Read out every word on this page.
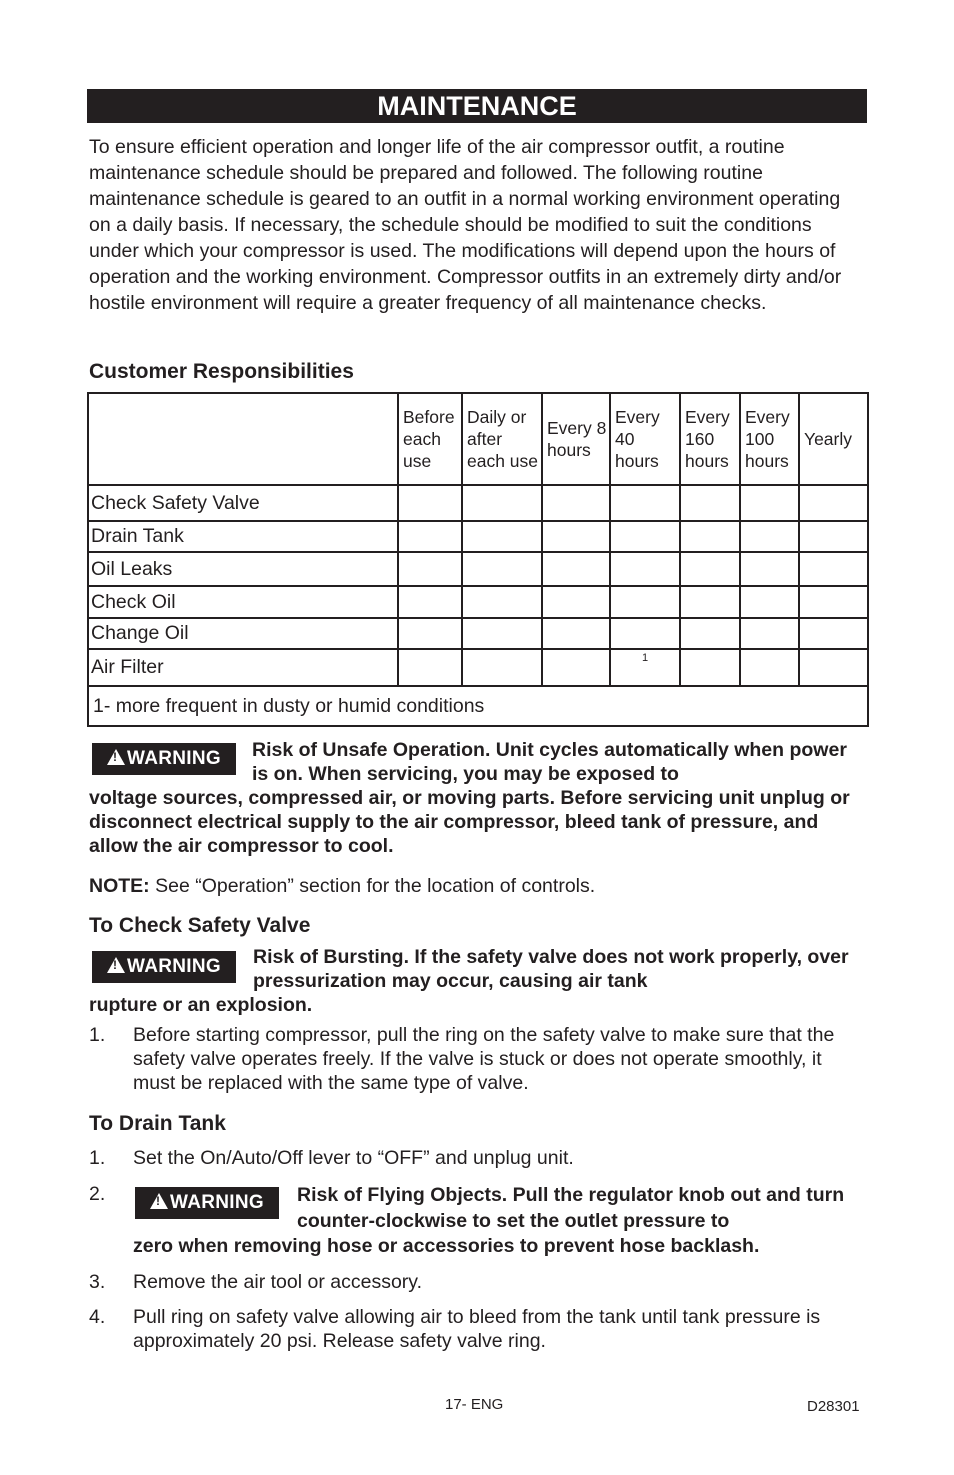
MAINTENANCE
To ensure efficient operation and longer life of the air compressor outfit, a routine maintenance schedule should be prepared and followed. The following routine maintenance schedule is geared to an outfit in a normal working environment operating on a daily basis. If necessary, the schedule should be modified to suit the conditions under which your compressor is used. The modifications will depend upon the hours of operation and the working environment. Compressor outfits in an extremely dirty and/or hostile environment will require a greater frequency of all maintenance checks.
Customer Responsibilities
	Before each use	Daily or after each use	Every 8 hours	Every 40 hours	Every 160 hours	Every 100 hours	Yearly
Check Safety Valve							
Drain Tank							
Oil Leaks							
Check Oil							
Change Oil							
Air Filter				1			

1- more frequent in dusty or humid conditions							
!WARNING	Risk of Unsafe Operation. Unit cycles automatically when power is on. When servicing, you may be exposed to
voltage sources, compressed air, or moving parts. Before servicing unit unplug or disconnect electrical supply to the air compressor, bleed tank of pressure, and allow the air compressor to cool.
NOTE: See “Operation” section for the location of controls.
To Check Safety Valve
!WARNING	Risk of Bursting. If the safety valve does not work properly, over pressurization may occur, causing air tank
rupture or an explosion.
1.	Before starting compressor, pull the ring on the safety valve to make sure that the safety valve operates freely. If the valve is stuck or does not operate smoothly, it must be replaced with the same type of valve.
To Drain Tank
1.	Set the On/Auto/Off lever to “OFF” and unplug unit.
2. !	WARNING	Risk of Flying Objects. Pull the regulator knob out and turn counter-clockwise to set the outlet pressure to
zero when removing hose or accessories to prevent hose backlash.
3.	Remove the air tool or accessory.
4.	Pull ring on safety valve allowing air to bleed from the tank until tank pressure is approximately 20 psi. Release safety valve ring.
17- ENG	D28301
